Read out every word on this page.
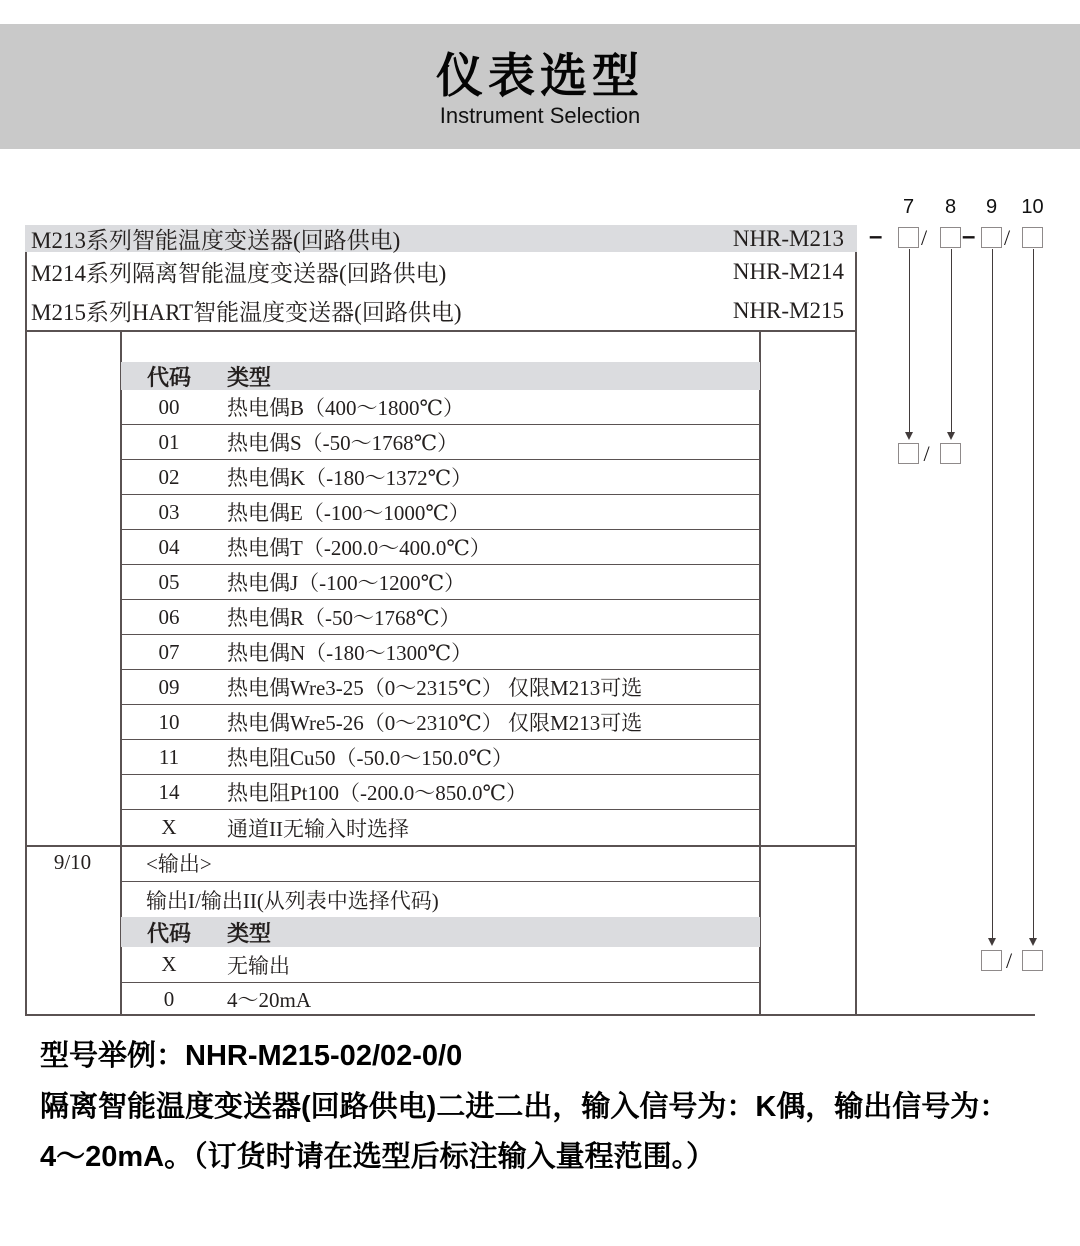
仪表选型
Instrument Selection
M213系列智能温度变送器(回路供电)	NHR-M213
M214系列隔离智能温度变送器(回路供电)	NHR-M214
M215系列HART智能温度变送器(回路供电)	NHR-M215
代码	类型
00	热电偶B（400～1800℃）
01	热电偶S（-50～1768℃）
02	热电偶K（-180～1372℃）
03	热电偶E（-100～1000℃）
04	热电偶T（-200.0～400.0℃）
05	热电偶J（-100～1200℃）
06	热电偶R（-50～1768℃）
07	热电偶N（-180～1300℃）
09	热电偶Wre3-25（0～2315℃） 仅限M213可选
10	热电偶Wre5-26（0～2310℃） 仅限M213可选
11	热电阻Cu50（-50.0～150.0℃）
14	热电阻Pt100（-200.0～850.0℃）
X	通道II无输入时选择
9/10	<输出>
输出I/输出II(从列表中选择代码)
代码	类型
X	无输出
0	4～20mA
7	8	9	10
– / – /
/
/
型号举例：NHR-M215-02/02-0/0
隔离智能温度变送器(回路供电)二进二出，输入信号为：K偶，输出信号为：
4～20mA。（订货时请在选型后标注输入量程范围。）
